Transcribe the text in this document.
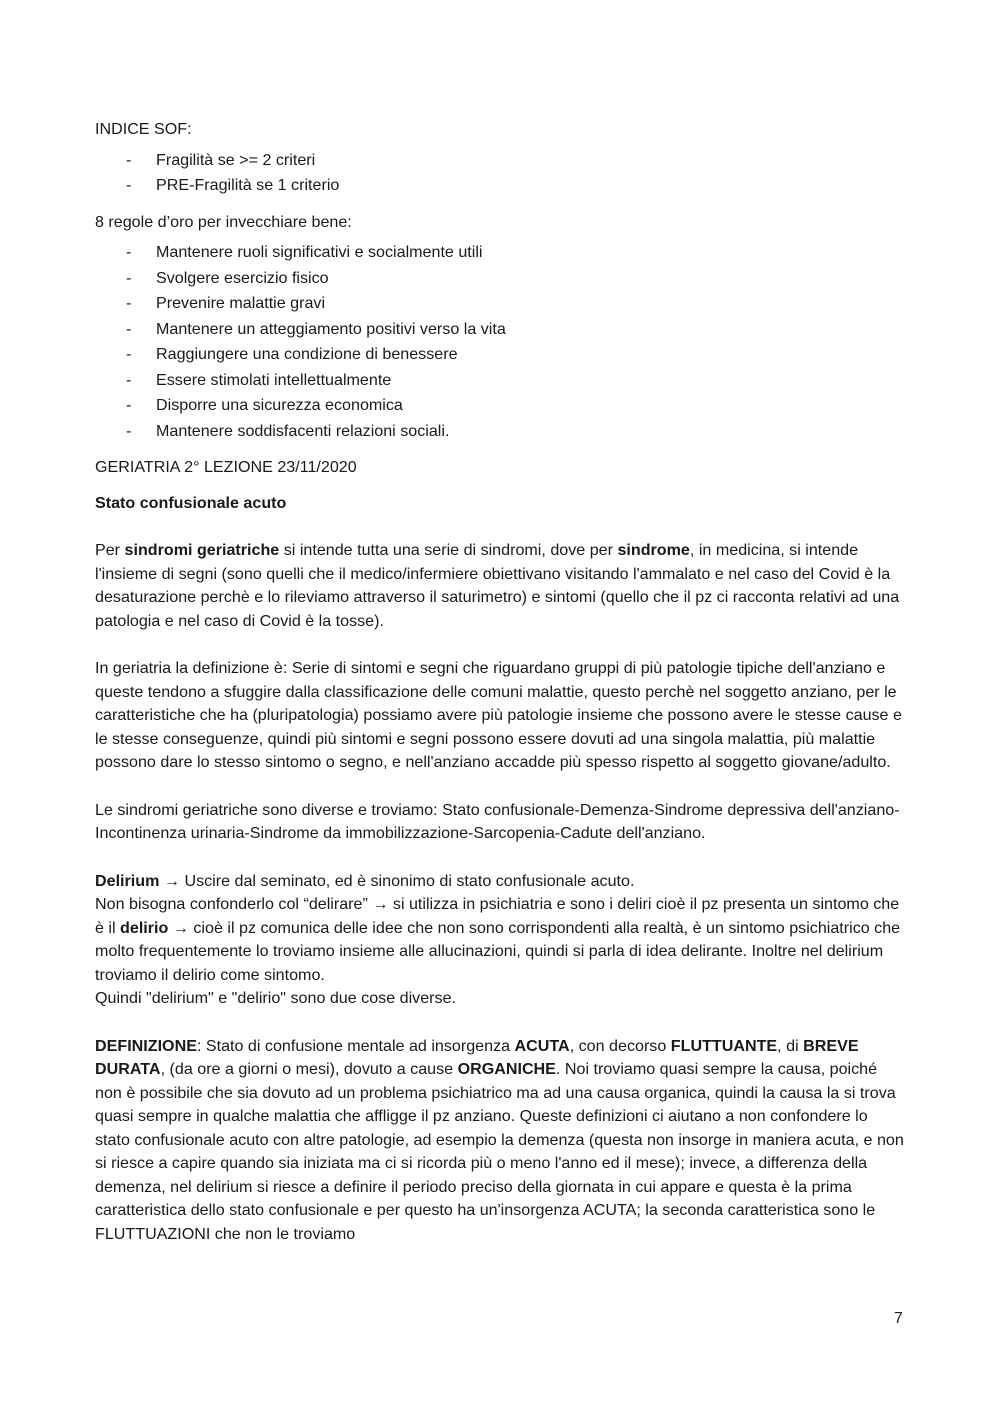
INDICE SOF:

- Fragilità se >= 2 criteri
- PRE-Fragilità se 1 criterio

8 regole d’oro per invecchiare bene:

- Mantenere ruoli significativi e socialmente utili
- Svolgere esercizio fisico
- Prevenire malattie gravi
- Mantenere un atteggiamento positivi verso la vita
- Raggiungere una condizione di benessere
- Essere stimolati intellettualmente
- Disporre una sicurezza economica
- Mantenere soddisfacenti relazioni sociali.

GERIATRIA 2° LEZIONE 23/11/2020

Stato confusionale acuto

Per sindromi geriatriche si intende tutta una serie di sindromi, dove per sindrome, in medicina, si intende l'insieme di segni (sono quelli che il medico/infermiere obiettivano visitando l'ammalato e nel caso del Covid è la desaturazione perchè e lo rileviamo attraverso il saturimetro) e sintomi (quello che il pz ci racconta relativi ad una patologia e nel caso di Covid è la tosse).

In geriatria la definizione è: Serie di sintomi e segni che riguardano gruppi di più patologie tipiche dell'anziano e queste tendono a sfuggire dalla classificazione delle comuni malattie, questo perchè nel soggetto anziano, per le caratteristiche che ha (pluripatologia) possiamo avere più patologie insieme che possono avere le stesse cause e le stesse conseguenze, quindi più sintomi e segni possono essere dovuti ad una singola malattia, più malattie possono dare lo stesso sintomo o segno, e nell'anziano accadde più spesso rispetto al soggetto giovane/adulto.

Le sindromi geriatriche sono diverse e troviamo: Stato confusionale-Demenza-Sindrome depressiva dell'anziano-Incontinenza urinaria-Sindrome da immobilizzazione-Sarcopenia-Cadute dell'anziano.

Delirium → Uscire dal seminato, ed è sinonimo di stato confusionale acuto.
Non bisogna confonderlo col “delirare” → si utilizza in psichiatria e sono i deliri cioè il pz presenta un sintomo che è il delirio → cioè il pz comunica delle idee che non sono corrispondenti alla realtà, è un sintomo psichiatrico che molto frequentemente lo troviamo insieme alle allucinazioni, quindi si parla di idea delirante. Inoltre nel delirium troviamo il delirio come sintomo.
Quindi "delirium" e "delirio" sono due cose diverse.

DEFINIZIONE: Stato di confusione mentale ad insorgenza ACUTA, con decorso FLUTTUANTE, di BREVE DURATA, (da ore a giorni o mesi), dovuto a cause ORGANICHE. Noi troviamo quasi sempre la causa, poiché non è possibile che sia dovuto ad un problema psichiatrico ma ad una causa organica, quindi la causa la si trova quasi sempre in qualche malattia che affligge il pz anziano. Queste definizioni ci aiutano a non confondere lo stato confusionale acuto con altre patologie, ad esempio la demenza (questa non insorge in maniera acuta, e non si riesce a capire quando sia iniziata ma ci si ricorda più o meno l'anno ed il mese); invece, a differenza della demenza, nel delirium si riesce a definire il periodo preciso della giornata in cui appare e questa è la prima caratteristica dello stato confusionale e per questo ha un'insorgenza ACUTA; la seconda caratteristica sono le FLUTTUAZIONI che non le troviamo

7
